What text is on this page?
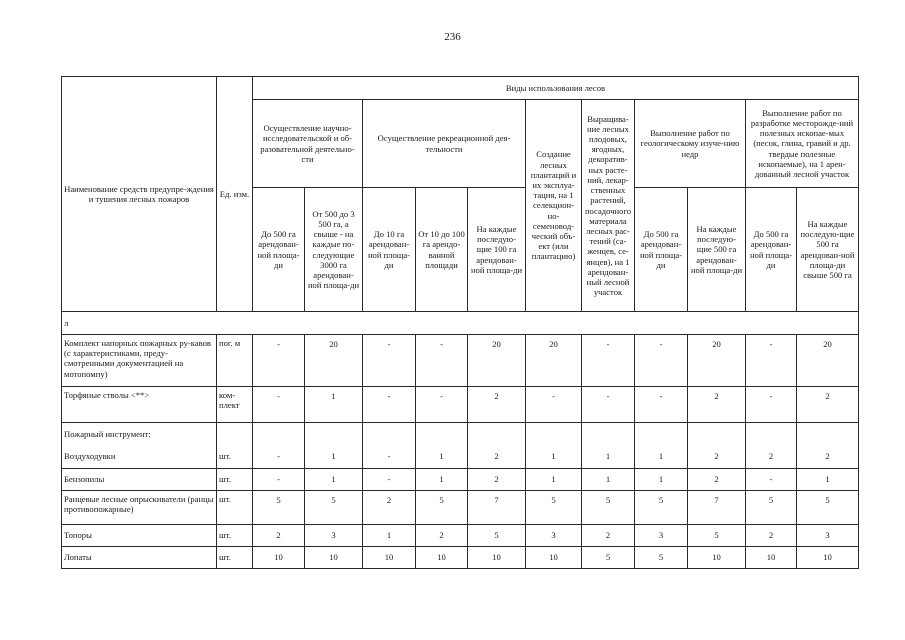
236
Наименование средств предупре-ждения и тушения лесных пожаров	Ед. изм.	Виды использования лесов										
		Осуществление научно-исследовательской и об-разовательной деятельно-сти		Осуществление рекреационной дея-тельности			Создание лесных плантаций и их эксплуа-тация, на 1 селекцион-но-семеновод-ческий объ-ект (или плантацию)	Выращива-ние лесных плодовых, ягодных, декоратив-ных расте-ний, лекар-ственных растений, посадочного материала лесных рас-тений (са-женцев, се-янцев), на 1 арендован-ный лесной участок	Выполнение работ по геологическому изуче-нию недр		Выполнение работ по разработке месторожде-ний полезных ископае-мых (песок, глина, гравий и др. твердые полезные ископаемые), на 1 арен-дованный лесной участок	
		До 500 га арендован-ной площа-ди	От 500 до 3 500 га, а свыше - на каждые по-следующие 3000 га арендован-ной площа-ди	До 10 га арендован-ной площа-ди	От 10 до 100 га арендо-ванной площади	На каждые последую-щие 100 га арендован-ной площа-ди			До 500 га арендован-ной площа-ди	На каждые последую-щие 500 га арендован-ной площа-ди	До 500 га арендован-ной площа-ди	На каждые последую-щие 500 га арендован-ной площа-ди свыше 500 га
л												
Комплект напорных пожарных ру-кавов (с характеристиками, преду-смотренными документацией на мотопомпу)	пог. м	-	20	-	-	20	20	-	-	20	-	20
Торфяные стволы <**>	ком-плект	-	1	-	-	2	-	-	-	2	-	2
Пожарный инструмент:												
Воздуходувки	шт.	-	1	-	1	2	1	1	1	2	2	2
Бензопилы	шт.	-	1	-	1	2	1	1	1	2	-	1
Ранцевые лесные опрыскиватели (ранцы противопожарные)	шт.	5	5	2	5	7	5	5	5	7	5	5
Топоры	шт.	2	3	1	2	5	3	2	3	5	2	3
Лопаты	шт.	10	10	10	10	10	10	5	5	10	10	10
